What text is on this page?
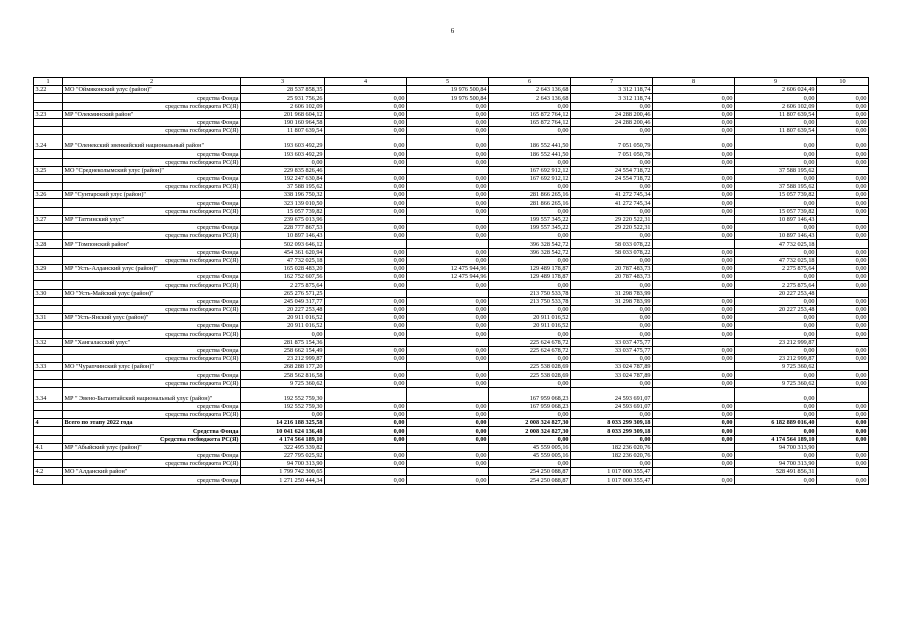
6
1	2	3	4	5	6	7	8	9	10
3.22	МО "Оймяконский улус (район)"	28 537 858,35		19 976 500,84	2 643 136,68	3 312 118,74		2 606 024,49	
	средства Фонда	25 931 756,26	0,00	19 976 500,84	2 643 136,68	3 312 118,74	0,00	0,00	0,00
	средства госбюджета РС(Я)	2 606 102,09	0,00	0,00	0,00	0,00	0,00	2 606 102,09	0,00
3.23	МР "Олекминский район"	201 968 604,12	0,00	0,00	165 872 764,12	24 288 200,46	0,00	11 807 639,54	0,00
	средства Фонда	190 160 964,58	0,00	0,00	165 872 764,12	24 288 200,46	0,00	0,00	0,00
	средства госбюджета РС(Я)	11 807 639,54	0,00	0,00	0,00	0,00	0,00	11 807 639,54	0,00
3.24	МР "Оленекский эвенкийский национальный район"	193 603 492,29	0,00	0,00	186 552 441,50	7 051 050,79	0,00	0,00	0,00
	средства Фонда	193 603 492,29	0,00	0,00	186 552 441,50	7 051 050,79	0,00	0,00	0,00
	средства госбюджета РС(Я)	0,00	0,00	0,00	0,00	0,00	0,00	0,00	0,00
3.25	МО "Среднеколымский улус (район)"	229 835 826,46			167 692 912,12	24 554 718,72		37 588 195,62	
	средства Фонда	192 247 630,84	0,00	0,00	167 692 912,12	24 554 718,72	0,00	0,00	0,00
	средства госбюджета РС(Я)	37 588 195,62	0,00	0,00	0,00	0,00	0,00	37 588 195,62	0,00
3.26	МР "Сунтарский улус (район)"	338 196 750,32	0,00	0,00	281 866 265,16	41 272 745,34	0,00	15 057 739,82	0,00
	средства Фонда	323 139 010,50	0,00	0,00	281 866 265,16	41 272 745,34	0,00	0,00	0,00
	средства госбюджета РС(Я)	15 057 739,82	0,00	0,00	0,00	0,00	0,00	15 057 739,82	0,00
3.27	МР "Таттинский улус"	239 675 013,96			199 557 345,22	29 220 522,31		10 897 146,43	
	средства Фонда	228 777 867,53	0,00	0,00	199 557 345,22	29 220 522,31	0,00	0,00	0,00
	средства госбюджета РС(Я)	10 897 146,43	0,00	0,00	0,00	0,00	0,00	10 897 146,43	0,00
3.28	МР "Томпонский район"	502 093 646,12			396 328 542,72	58 033 078,22		47 732 025,18	
	средства Фонда	454 361 620,94	0,00	0,00	396 328 542,72	58 033 078,22	0,00	0,00	0,00
	средства госбюджета РС(Я)	47 732 025,18	0,00	0,00	0,00	0,00	0,00	47 732 025,18	0,00
3.29	МР "Усть-Алданский улус (район)"	165 028 483,20	0,00	12 475 944,96	129 489 178,87	20 787 483,73	0,00	2 275 875,64	0,00
	средства Фонда	162 752 607,56	0,00	12 475 944,96	129 489 178,87	20 787 483,73	0,00	0,00	0,00
	средства госбюджета РС(Я)	2 275 875,64	0,00	0,00	0,00	0,00	0,00	2 275 875,64	0,00
3.30	МО "Усть-Майский улус (район)"	265 276 571,25			213 750 533,78	31 298 783,99		20 227 253,48	
	средства Фонда	245 049 317,77	0,00	0,00	213 750 533,78	31 298 783,99	0,00	0,00	0,00
	средства госбюджета РС(Я)	20 227 253,48	0,00	0,00	0,00	0,00	0,00	20 227 253,48	0,00
3.31	МР "Усть-Янский улус (район)"	20 911 016,52	0,00	0,00	20 911 016,52	0,00	0,00	0,00	0,00
	средства Фонда	20 911 016,52	0,00	0,00	20 911 016,52	0,00	0,00	0,00	0,00
	средства госбюджета РС(Я)	0,00	0,00	0,00	0,00	0,00	0,00	0,00	0,00
3.32	МР "Хангаласский улус"	281 875 154,36			225 624 678,72	33 037 475,77		23 212 999,87	
	средства Фонда	258 662 154,49	0,00	0,00	225 624 678,72	33 037 475,77	0,00	0,00	0,00
	средства госбюджета РС(Я)	23 212 999,87	0,00	0,00	0,00	0,00	0,00	23 212 999,87	0,00
3.33	МО "Чурапчинский улус (район)"	268 288 177,20			225 538 028,69	33 024 787,89		9 725 360,62	
	средства Фонда	258 562 816,58	0,00	0,00	225 538 028,69	33 024 787,89	0,00	0,00	0,00
	средства госбюджета РС(Я)	9 725 360,62	0,00	0,00	0,00	0,00	0,00	9 725 360,62	0,00
3.34	МР " Эвено-Бытантайский национальный улус (район)"	192 552 759,30			167 959 068,23	24 593 691,07		0,00	
	средства Фонда	192 552 759,30	0,00	0,00	167 959 068,23	24 593 691,07	0,00	0,00	0,00
	средства госбюджета РС(Я)	0,00	0,00	0,00	0,00	0,00	0,00	0,00	0,00
4	Всего по этапу 2022 года	14 216 188 325,58	0,00	0,00	2 008 324 827,30	8 033 299 309,18	0,00	6 182 889 016,40	0,00
	Средства Фонда	10 041 624 136,48	0,00	0,00	2 008 324 827,30	8 033 299 309,18	0,00	0,00	0,00
	Средства госбюджета РС(Я)	4 174 564 189,10	0,00	0,00	0,00	0,00	0,00	4 174 564 189,10	0,00
4.1	МР "Абыйский улус (район)"	322 495 339,82			45 559 005,16	182 236 020,76		94 700 313,90	
	средства Фонда	227 795 025,92	0,00	0,00	45 559 005,16	182 236 020,76	0,00	0,00	0,00
	средства госбюджета РС(Я)	94 700 313,90	0,00	0,00	0,00	0,00	0,00	94 700 313,90	0,00
4.2	МО "Алданский район"	1 799 742 300,65			254 250 088,87	1 017 000 355,47		528 491 856,31	
	средства Фонда	1 271 250 444,34	0,00	0,00	254 250 088,87	1 017 000 355,47	0,00	0,00	0,00
